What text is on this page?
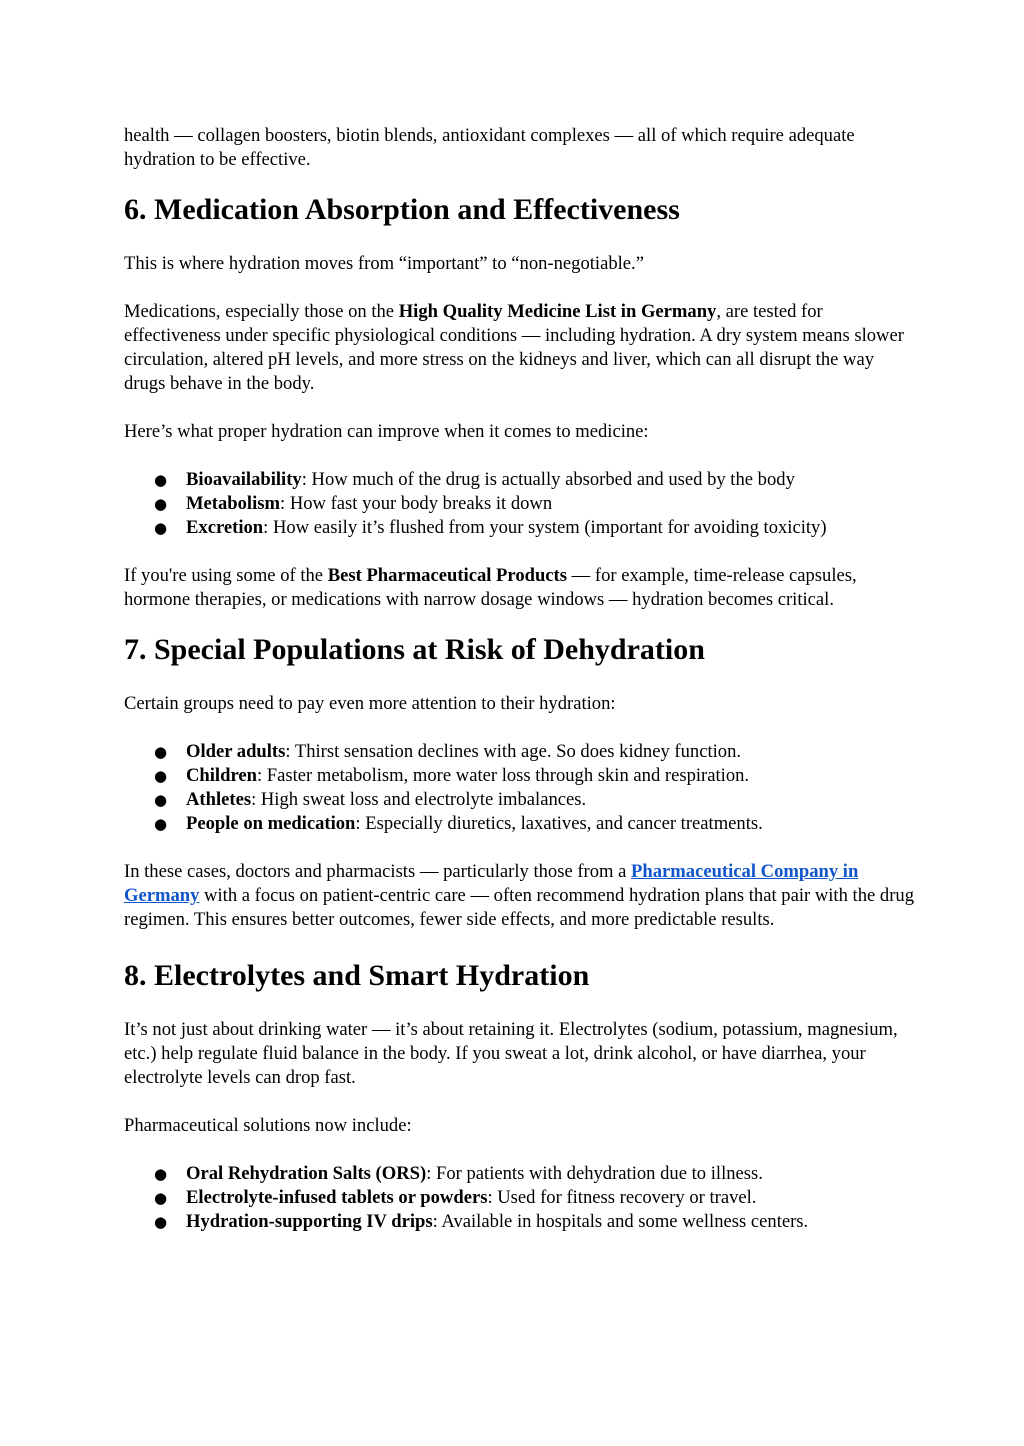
health — collagen boosters, biotin blends, antioxidant complexes — all of which require adequate hydration to be effective.

6. Medication Absorption and Effectiveness

This is where hydration moves from “important” to “non-negotiable.”

Medications, especially those on the High Quality Medicine List in Germany, are tested for effectiveness under specific physiological conditions — including hydration. A dry system means slower circulation, altered pH levels, and more stress on the kidneys and liver, which can all disrupt the way drugs behave in the body.

Here’s what proper hydration can improve when it comes to medicine:

● Bioavailability: How much of the drug is actually absorbed and used by the body
● Metabolism: How fast your body breaks it down
● Excretion: How easily it’s flushed from your system (important for avoiding toxicity)

If you're using some of the Best Pharmaceutical Products — for example, time-release capsules, hormone therapies, or medications with narrow dosage windows — hydration becomes critical.

7. Special Populations at Risk of Dehydration

Certain groups need to pay even more attention to their hydration:

● Older adults: Thirst sensation declines with age. So does kidney function.
● Children: Faster metabolism, more water loss through skin and respiration.
● Athletes: High sweat loss and electrolyte imbalances.
● People on medication: Especially diuretics, laxatives, and cancer treatments.

In these cases, doctors and pharmacists — particularly those from a Pharmaceutical Company in Germany with a focus on patient-centric care — often recommend hydration plans that pair with the drug regimen. This ensures better outcomes, fewer side effects, and more predictable results.

8. Electrolytes and Smart Hydration

It’s not just about drinking water — it’s about retaining it. Electrolytes (sodium, potassium, magnesium, etc.) help regulate fluid balance in the body. If you sweat a lot, drink alcohol, or have diarrhea, your electrolyte levels can drop fast.

Pharmaceutical solutions now include:

● Oral Rehydration Salts (ORS): For patients with dehydration due to illness.
● Electrolyte-infused tablets or powders: Used for fitness recovery or travel.
● Hydration-supporting IV drips: Available in hospitals and some wellness centers.
